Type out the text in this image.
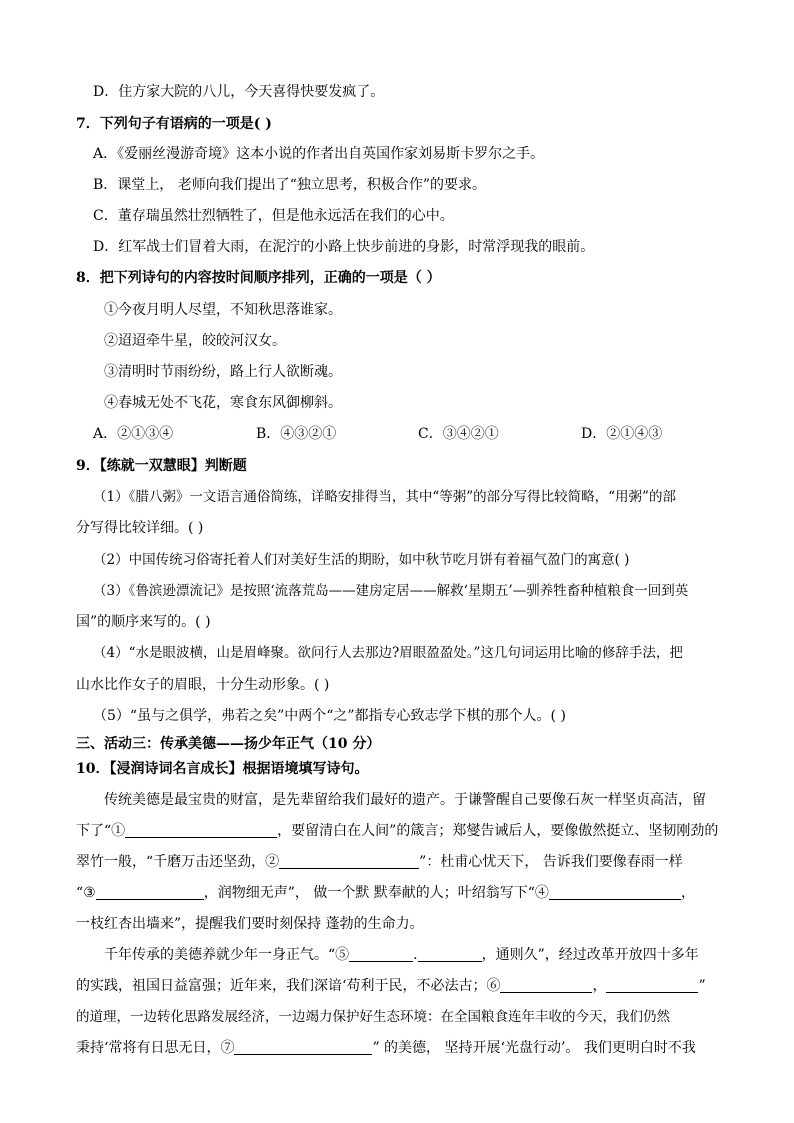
D．住方家大院的八儿，今天喜得快要发疯了。
7．下列句子有语病的一项是( )
A．《爱丽丝漫游奇境》这本小说的作者出自英国作家刘易斯卡罗尔之手。
B．课堂上， 老师向我们提出了“独立思考，积极合作”的要求。
C．董存瑞虽然壮烈牺牲了，但是他永远活在我们的心中。
D．红军战士们冒着大雨，在泥泞的小路上快步前进的身影，时常浮现我的眼前。
8．把下列诗句的内容按时间顺序排列，正确的一项是（ ）
①今夜月明人尽望，不知秋思落谁家。
②迢迢牵牛星，皎皎河汉女。
③清明时节雨纷纷，路上行人欲断魂。
④春城无处不飞花，寒食东风御柳斜。
A．②①③④	B．④③②①	C．③④②①	D．②①④③
9．【练就一双慧眼】判断题
（1）《腊八粥》一文语言通俗简练，详略安排得当，其中“等粥”的部分写得比较简略，“用粥”的部
分写得比较详细。( )
（2）中国传统习俗寄托着人们对美好生活的期盼，如中秋节吃月饼有着福气盈门的寓意( )
（3）《鲁滨逊漂流记》是按照‘流落荒岛——建房定居——解救‘星期五’—驯养牲畜种植粮食一回到英
国”的顺序来写的。( )
（4）“水是眼波横，山是眉峰聚。欲问行人去那边?眉眼盈盈处。”这几句词运用比喻的修辞手法，把
山水比作女子的眉眼，十分生动形象。( )
（5）“虽与之俱学，弗若之矣”中两个“之”都指专心致志学下棋的那个人。( )
三、活动三：传承美德——扬少年正气（10 分）
10．【浸润诗词名言成长】根据语境填写诗句。
传统美德是最宝贵的财富，是先辈留给我们最好的遗产。于谦警醒自己要像石灰一样坚贞高洁，留
下了“①	，要留清白在人间”的箴言；郑燮告诫后人，要像傲然挺立、坚韧刚劲的
翠竹一般，“千磨万击还坚劲，②	”：杜甫心忧天下， 告诉我们要像春雨一样
“③	，润物细无声”， 做一个默 默奉献的人；叶绍翁写下“④	，
一枝红杏出墙来”，提醒我们要时刻保持 蓬勃的生命力。
千年传承的美德养就少年一身正气。“⑤	.	，通则久”，经过改革开放四十多年
的实践，祖国日益富强；近年来，我们深谙‘苟利于民，不必法古；⑥	，	”
的道理，一边转化思路发展经济，一边竭力保护好生态环境：在全国粮食连年丰收的今天，我们仍然
秉持‘常将有日思无日，⑦	” 的美德， 坚持开展‘光盘行动’。 我们更明白时不我
